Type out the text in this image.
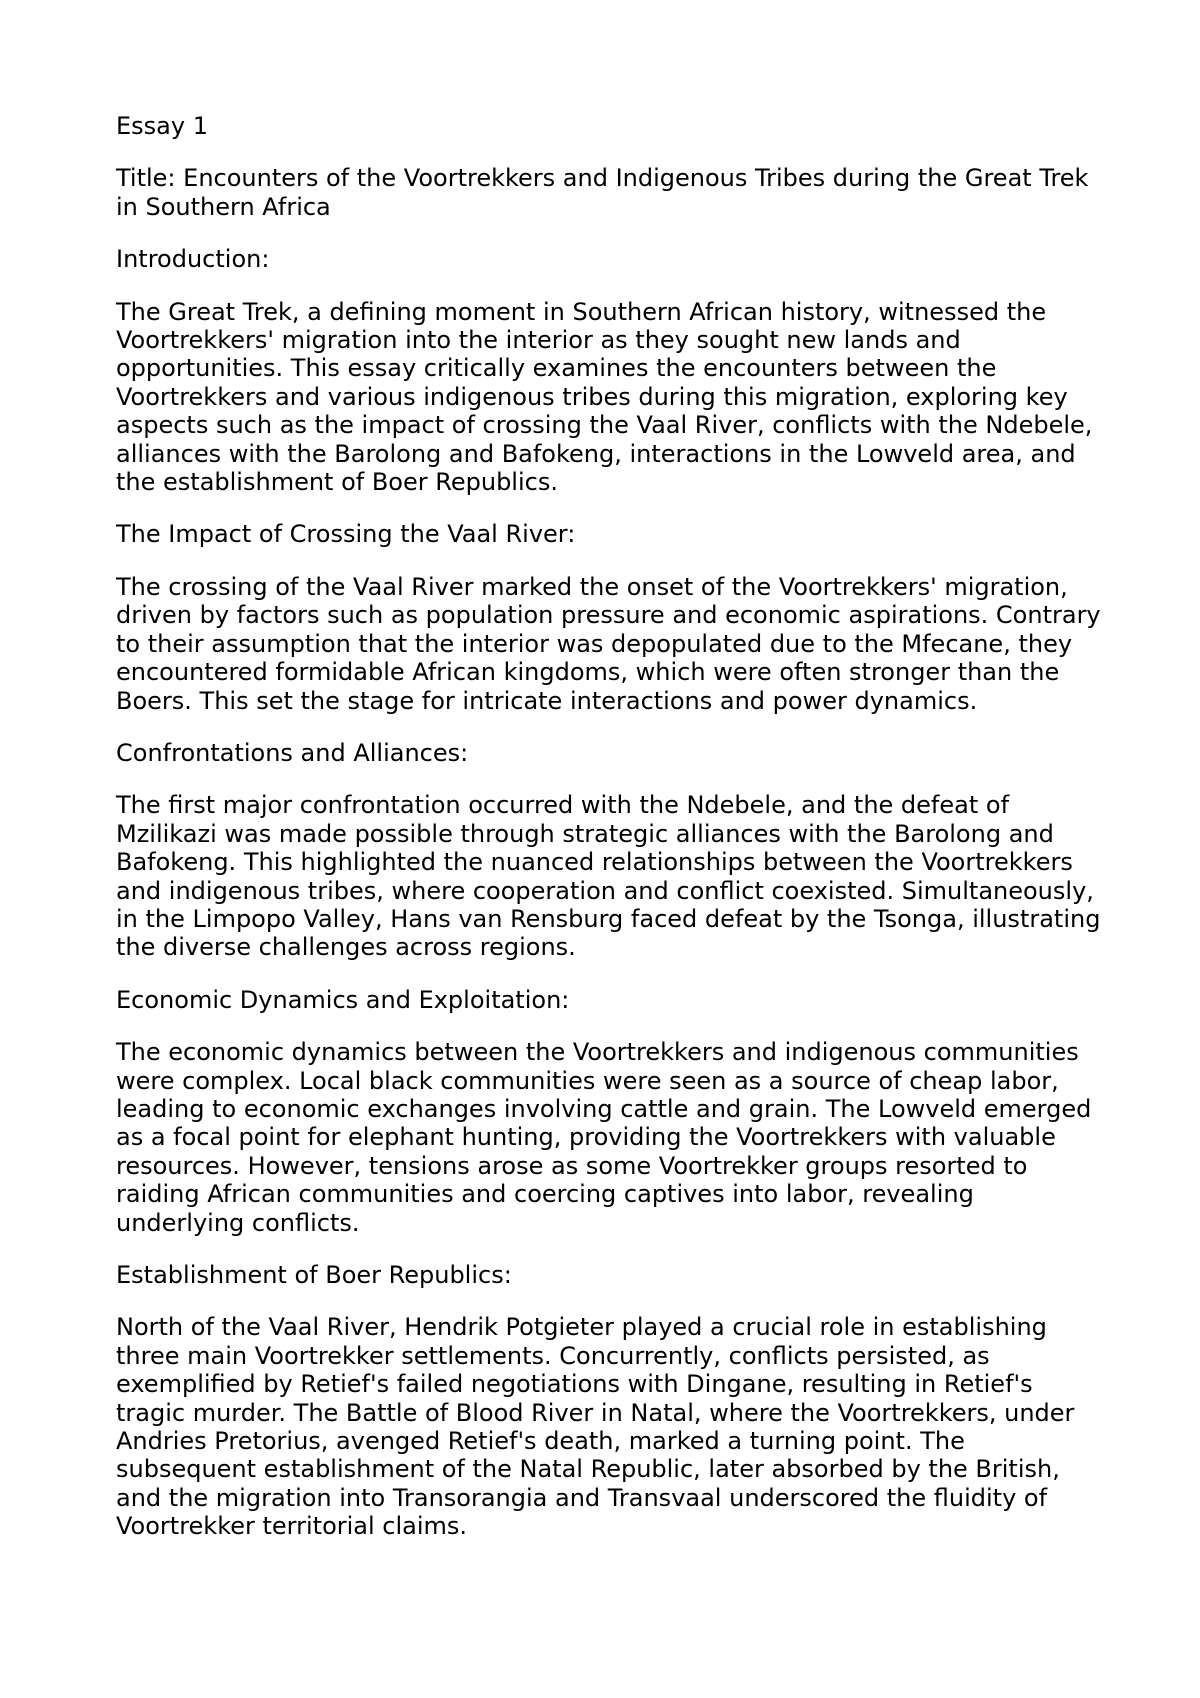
Essay 1

Title: Encounters of the Voortrekkers and Indigenous Tribes during the Great Trek in Southern Africa

Introduction:

The Great Trek, a defining moment in Southern African history, witnessed the Voortrekkers' migration into the interior as they sought new lands and opportunities. This essay critically examines the encounters between the Voortrekkers and various indigenous tribes during this migration, exploring key aspects such as the impact of crossing the Vaal River, conflicts with the Ndebele, alliances with the Barolong and Bafokeng, interactions in the Lowveld area, and the establishment of Boer Republics.

The Impact of Crossing the Vaal River:

The crossing of the Vaal River marked the onset of the Voortrekkers' migration, driven by factors such as population pressure and economic aspirations. Contrary to their assumption that the interior was depopulated due to the Mfecane, they encountered formidable African kingdoms, which were often stronger than the Boers. This set the stage for intricate interactions and power dynamics.

Confrontations and Alliances:

The first major confrontation occurred with the Ndebele, and the defeat of Mzilikazi was made possible through strategic alliances with the Barolong and Bafokeng. This highlighted the nuanced relationships between the Voortrekkers and indigenous tribes, where cooperation and conflict coexisted. Simultaneously, in the Limpopo Valley, Hans van Rensburg faced defeat by the Tsonga, illustrating the diverse challenges across regions.

Economic Dynamics and Exploitation:

The economic dynamics between the Voortrekkers and indigenous communities were complex. Local black communities were seen as a source of cheap labor, leading to economic exchanges involving cattle and grain. The Lowveld emerged as a focal point for elephant hunting, providing the Voortrekkers with valuable resources. However, tensions arose as some Voortrekker groups resorted to raiding African communities and coercing captives into labor, revealing underlying conflicts.

Establishment of Boer Republics:

North of the Vaal River, Hendrik Potgieter played a crucial role in establishing three main Voortrekker settlements. Concurrently, conflicts persisted, as exemplified by Retief's failed negotiations with Dingane, resulting in Retief's tragic murder. The Battle of Blood River in Natal, where the Voortrekkers, under Andries Pretorius, avenged Retief's death, marked a turning point. The subsequent establishment of the Natal Republic, later absorbed by the British, and the migration into Transorangia and Transvaal underscored the fluidity of Voortrekker territorial claims.
